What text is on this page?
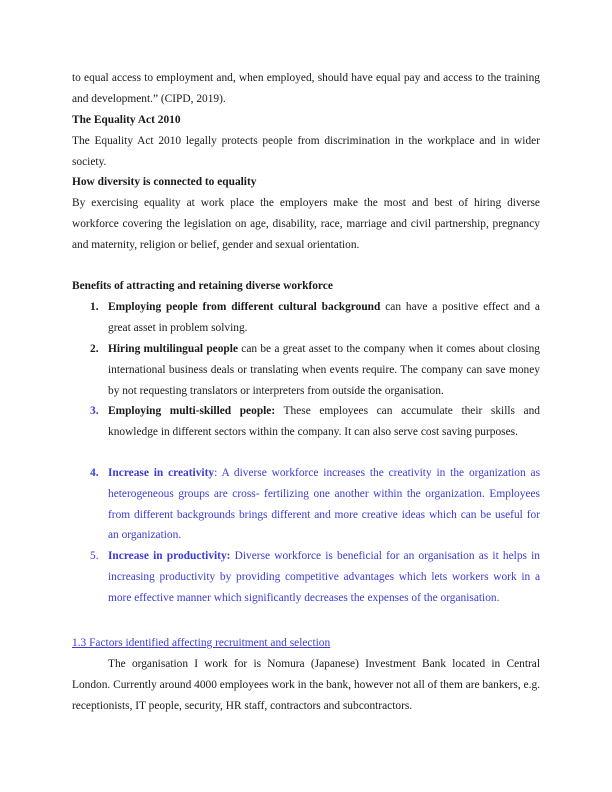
to equal access to employment and, when employed, should have equal pay and access to the training and development.” (CIPD, 2019).

The Equality Act 2010

The Equality Act 2010 legally protects people from discrimination in the workplace and in wider society.

How diversity is connected to equality

By exercising equality at work place the employers make the most and best of hiring diverse workforce covering the legislation on age, disability, race, marriage and civil partnership, pregnancy and maternity, religion or belief, gender and sexual orientation.

Benefits of attracting and retaining diverse workforce

1. Employing people from different cultural background can have a positive effect and a great asset in problem solving.

2. Hiring multilingual people can be a great asset to the company when it comes about closing international business deals or translating when events require. The company can save money by not requesting translators or interpreters from outside the organisation.

3. Employing multi-skilled people: These employees can accumulate their skills and knowledge in different sectors within the company. It can also serve cost saving purposes.

4. Increase in creativity: A diverse workforce increases the creativity in the organization as heterogeneous groups are cross- fertilizing one another within the organization. Employees from different backgrounds brings different and more creative ideas which can be useful for an organization.

5. Increase in productivity: Diverse workforce is beneficial for an organisation as it helps in increasing productivity by providing competitive advantages which lets workers work in a more effective manner which significantly decreases the expenses of the organisation.

1.3 Factors identified affecting recruitment and selection

The organisation I work for is Nomura (Japanese) Investment Bank located in Central London. Currently around 4000 employees work in the bank, however not all of them are bankers, e.g. receptionists, IT people, security, HR staff, contractors and subcontractors.
